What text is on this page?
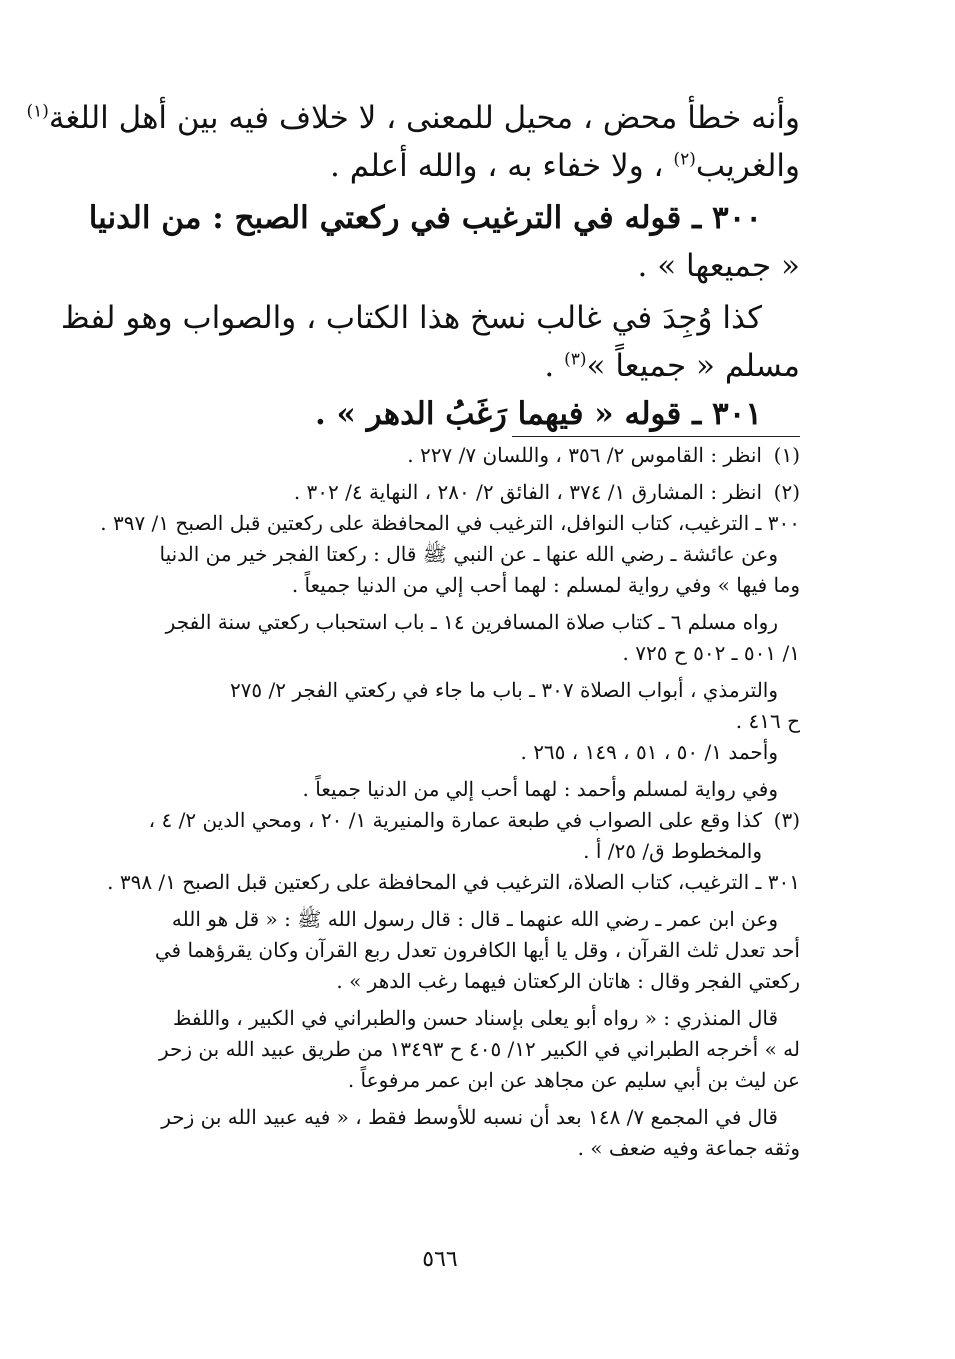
وأنه خطأ محض ، محيل للمعنى ، لا خلاف فيه بين أهل اللغة$^{(١)}$
والغريب$^{(٢)}$ ، ولا خفاء به ، والله أعلم .
٣٠٠ ـ قوله في الترغيب في ركعتي الصبح : من الدنيا
« جميعها » .
كذا وُجِدَ في غالب نسخ هذا الكتاب ، والصواب وهو لفظ
مسلم « جميعاً »$^{(٣)}$ .
٣٠١ ـ قوله « فيهما رَغَبُ الدهر » .
(١)
انظر : القاموس ٢/ ٣٥٦ ، واللسان ٧/ ٢٢٧ .
(٢)
انظر : المشارق ١/ ٣٧٤ ، الفائق ٢/ ٢٨٠ ، النهاية ٤/ ٣٠٢ .
٣٠٠ ـ الترغيب، كتاب النوافل، الترغيب في المحافظة على ركعتين قبل الصبح ١/ ٣٩٧ .
وعن عائشة ـ رضي الله عنها ـ عن النبي ﷺ قال : ركعتا الفجر خير من الدنيا
وما فيها » وفي رواية لمسلم : لهما أحب إلي من الدنيا جميعاً .
رواه مسلم ٦ ـ كتاب صلاة المسافرين ١٤ ـ باب استحباب ركعتي سنة الفجر
١/ ٥٠١ ـ ٥٠٢ ح ٧٢٥ .
والترمذي ، أبواب الصلاة ٣٠٧ ـ باب ما جاء في ركعتي الفجر ٢/ ٢٧٥
ح ٤١٦ .
وأحمد ١/ ٥٠ ، ٥١ ، ١٤٩ ، ٢٦٥ .
وفي رواية لمسلم وأحمد : لهما أحب إلي من الدنيا جميعاً .
(٣)
كذا وقع على الصواب في طبعة عمارة والمنيرية ١/ ٢٠ ، ومحي الدين ٢/ ٤ ،
والمخطوط ق/ ٢٥/ أ .
٣٠١ ـ الترغيب، كتاب الصلاة، الترغيب في المحافظة على ركعتين قبل الصبح ١/ ٣٩٨ .
وعن ابن عمر ـ رضي الله عنهما ـ قال : قال رسول الله ﷺ : « قل هو الله
أحد تعدل ثلث القرآن ، وقل يا أيها الكافرون تعدل ربع القرآن وكان يقرؤهما في
ركعتي الفجر وقال : هاتان الركعتان فيهما رغب الدهر » .
قال المنذري : « رواه أبو يعلى بإسناد حسن والطبراني في الكبير ، واللفظ
له » أخرجه الطبراني في الكبير ١٢/ ٤٠٥ ح ١٣٤٩٣ من طريق عبيد الله بن زحر
عن ليث بن أبي سليم عن مجاهد عن ابن عمر مرفوعاً .
قال في المجمع ٧/ ١٤٨ بعد أن نسبه للأوسط فقط ، « فيه عبيد الله بن زحر
وثقه جماعة وفيه ضعف » .
٥٦٦
